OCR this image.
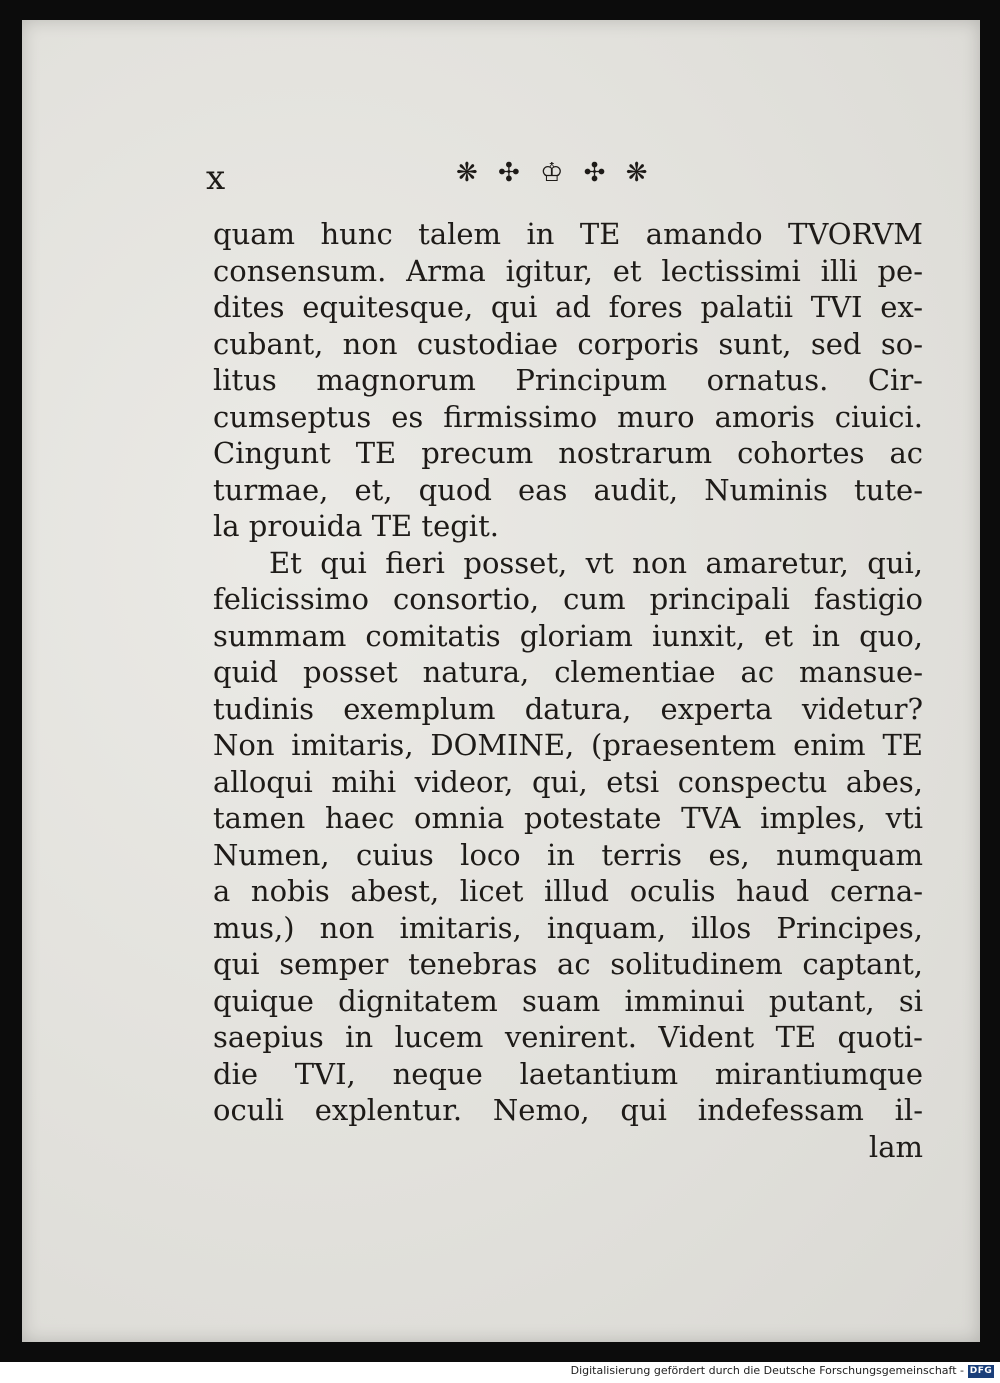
x	❋ ✣ ♔ ✣ ❋
quam hunc talem in TE amando TVORVM
consensum. Arma igitur, et lectissimi illi pe-
dites equitesque, qui ad fores palatii TVI ex-
cubant, non custodiae corporis sunt, sed so-
litus magnorum Principum ornatus. Cir-
cumseptus es firmissimo muro amoris ciuici.
Cingunt TE precum nostrarum cohortes ac
turmae, et, quod eas audit, Numinis tute-
la prouida TE tegit.
Et qui fieri posset, vt non amaretur, qui,
felicissimo consortio, cum principali fastigio
summam comitatis gloriam iunxit, et in quo,
quid posset natura, clementiae ac mansue-
tudinis exemplum datura, experta videtur?
Non imitaris, DOMINE, (praesentem enim TE
alloqui mihi videor, qui, etsi conspectu abes,
tamen haec omnia potestate TVA imples, vti
Numen, cuius loco in terris es, numquam
a nobis abest, licet illud oculis haud cerna-
mus,) non imitaris, inquam, illos Principes,
qui semper tenebras ac solitudinem captant,
quique dignitatem suam imminui putant, si
saepius in lucem venirent. Vident TE quoti-
die TVI, neque laetantium mirantiumque
oculi explentur. Nemo, qui indefessam il-
lam
Digitalisierung gefördert durch die Deutsche Forschungsgemeinschaft - DFG
